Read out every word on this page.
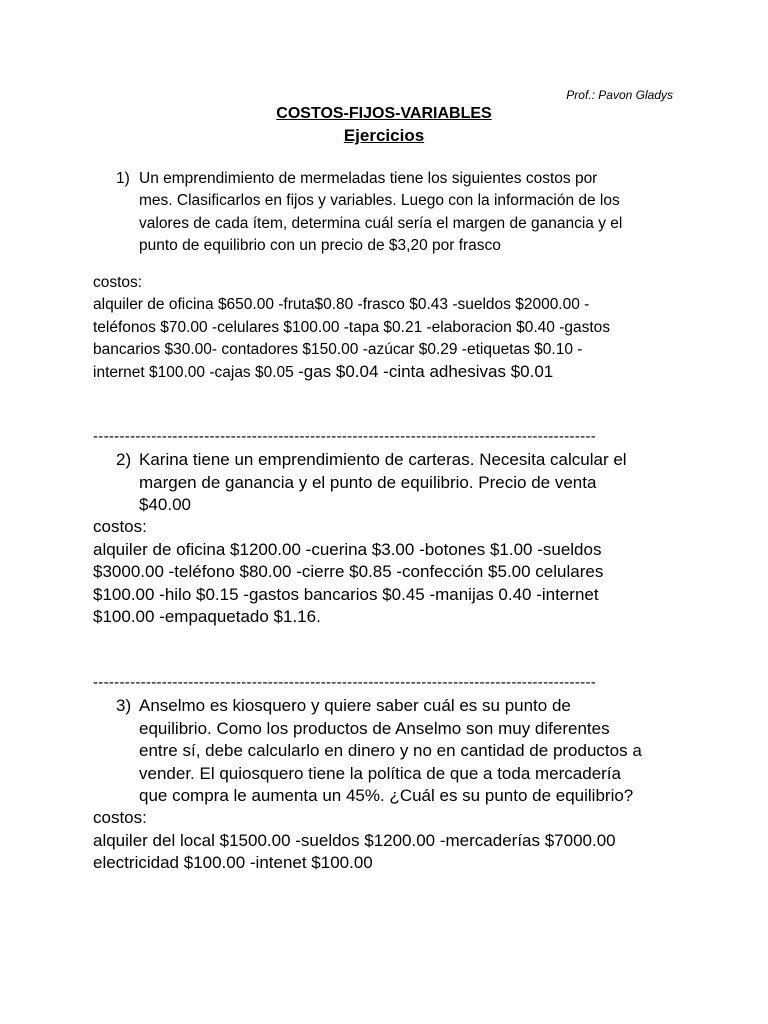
Prof.: Pavon Gladys
COSTOS-FIJOS-VARIABLES
Ejercicios
1) Un emprendimiento de mermeladas tiene los siguientes costos por
mes. Clasificarlos en fijos y variables. Luego con la información de los
valores de cada ítem, determina cuál sería el margen de ganancia y el
punto de equilibrio con un precio de $3,20 por frasco
costos:
alquiler de oficina $650.00 -fruta$0.80 -frasco $0.43 -sueldos $2000.00 -
teléfonos $70.00 -celulares $100.00 -tapa $0.21 -elaboracion $0.40 -gastos
bancarios $30.00- contadores $150.00 -azúcar $0.29 -etiquetas $0.10 -
internet $100.00 -cajas $0.05 -gas $0.04 -cinta adhesivas $0.01
-----------------------------------------------------------------------------------------------
2) Karina tiene un emprendimiento de carteras. Necesita calcular el
margen de ganancia y el punto de equilibrio. Precio de venta
$40.00
costos:
alquiler de oficina $1200.00 -cuerina $3.00 -botones $1.00 -sueldos
$3000.00 -teléfono $80.00 -cierre $0.85 -confección $5.00 celulares
$100.00 -hilo $0.15 -gastos bancarios $0.45 -manijas 0.40 -internet
$100.00 -empaquetado $1.16.
-----------------------------------------------------------------------------------------------
3) Anselmo es kiosquero y quiere saber cuál es su punto de
equilibrio. Como los productos de Anselmo son muy diferentes
entre sí, debe calcularlo en dinero y no en cantidad de productos a
vender. El quiosquero tiene la política de que a toda mercadería
que compra le aumenta un 45%. ¿Cuál es su punto de equilibrio?
costos:
alquiler del local $1500.00 -sueldos $1200.00 -mercaderías $7000.00
electricidad $100.00 -intenet $100.00
